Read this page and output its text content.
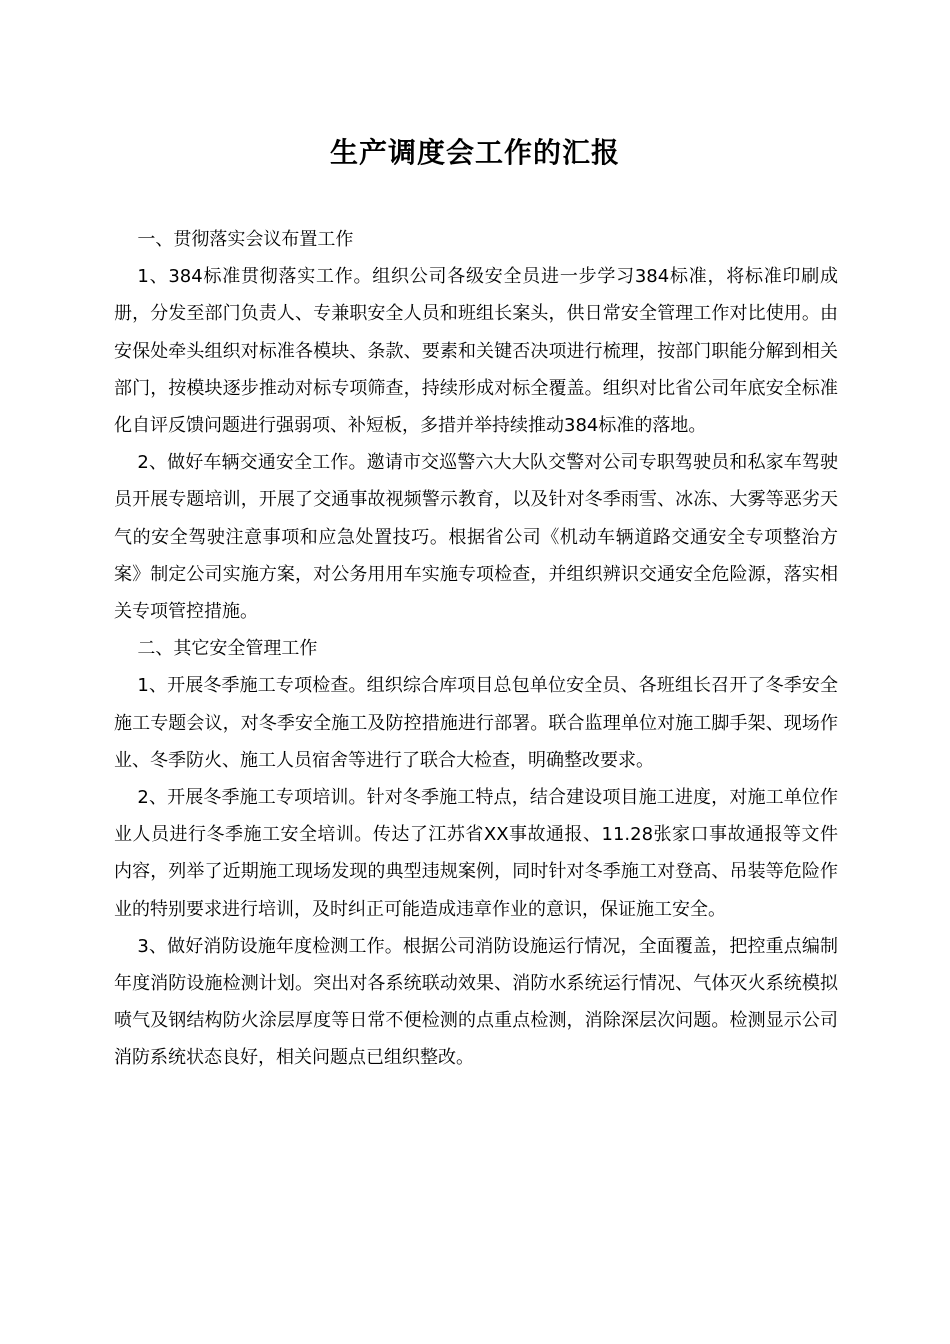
生产调度会工作的汇报

一、贯彻落实会议布置工作

1、384标准贯彻落实工作。组织公司各级安全员进一步学习384标准，将标准印刷成册，分发至部门负责人、专兼职安全人员和班组长案头，供日常安全管理工作对比使用。由安保处牵头组织对标准各模块、条款、要素和关键否决项进行梳理，按部门职能分解到相关部门，按模块逐步推动对标专项筛查，持续形成对标全覆盖。组织对比省公司年底安全标准化自评反馈问题进行强弱项、补短板，多措并举持续推动384标准的落地。

2、做好车辆交通安全工作。邀请市交巡警六大大队交警对公司专职驾驶员和私家车驾驶员开展专题培训，开展了交通事故视频警示教育，以及针对冬季雨雪、冰冻、大雾等恶劣天气的安全驾驶注意事项和应急处置技巧。根据省公司《机动车辆道路交通安全专项整治方案》制定公司实施方案，对公务用用车实施专项检查，并组织辨识交通安全危险源，落实相关专项管控措施。

二、其它安全管理工作

1、开展冬季施工专项检查。组织综合库项目总包单位安全员、各班组长召开了冬季安全施工专题会议，对冬季安全施工及防控措施进行部署。联合监理单位对施工脚手架、现场作业、冬季防火、施工人员宿舍等进行了联合大检查，明确整改要求。

2、开展冬季施工专项培训。针对冬季施工特点，结合建设项目施工进度，对施工单位作业人员进行冬季施工安全培训。传达了江苏省XX事故通报、11.28张家口事故通报等文件内容，列举了近期施工现场发现的典型违规案例，同时针对冬季施工对登高、吊装等危险作业的特别要求进行培训，及时纠正可能造成违章作业的意识，保证施工安全。

3、做好消防设施年度检测工作。根据公司消防设施运行情况，全面覆盖，把控重点编制年度消防设施检测计划。突出对各系统联动效果、消防水系统运行情况、气体灭火系统模拟喷气及钢结构防火涂层厚度等日常不便检测的点重点检测，消除深层次问题。检测显示公司消防系统状态良好，相关问题点已组织整改。
